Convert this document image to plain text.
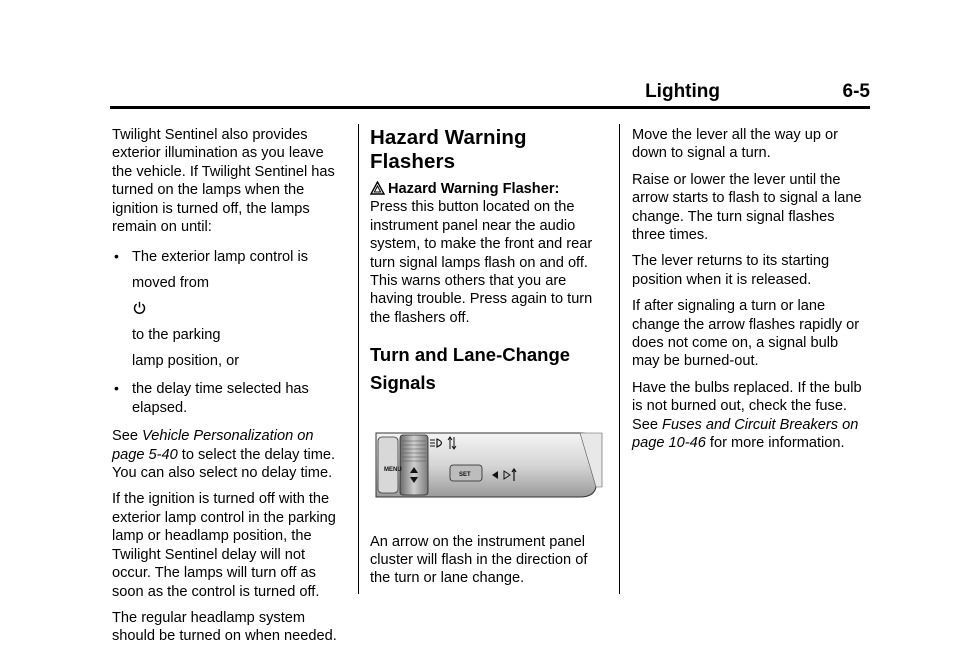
Lighting	6-5

Twilight Sentinel also provides
exterior illumination as you leave
the vehicle. If Twilight Sentinel has
turned on the lamps when the
ignition is turned off, the lamps
remain on until:

• The exterior lamp control is
moved from
to the parking
lamp position, or
• the delay time selected has
elapsed.

See Vehicle Personalization on
page 5-40 to select the delay time.
You can also select no delay time.

If the ignition is turned off with the
exterior lamp control in the parking
lamp or headlamp position, the
Twilight Sentinel delay will not
occur. The lamps will turn off as
soon as the control is turned off.

The regular headlamp system
should be turned on when needed.

Hazard Warning Flashers
Hazard Warning Flasher:

Press this button located on the
instrument panel near the audio
system, to make the front and rear
turn signal lamps flash on and off.
This warns others that you are
having trouble. Press again to turn
the flashers off.

Turn and Lane-Change
Signals
MENU
SET

An arrow on the instrument panel
cluster will flash in the direction of
the turn or lane change.

Move the lever all the way up or
down to signal a turn.

Raise or lower the lever until the
arrow starts to flash to signal a lane
change. The turn signal flashes
three times.

The lever returns to its starting
position when it is released.

If after signaling a turn or lane
change the arrow flashes rapidly or
does not come on, a signal bulb
may be burned-out.

Have the bulbs replaced. If the bulb
is not burned out, check the fuse.
See Fuses and Circuit Breakers on
page 10-46 for more information.
